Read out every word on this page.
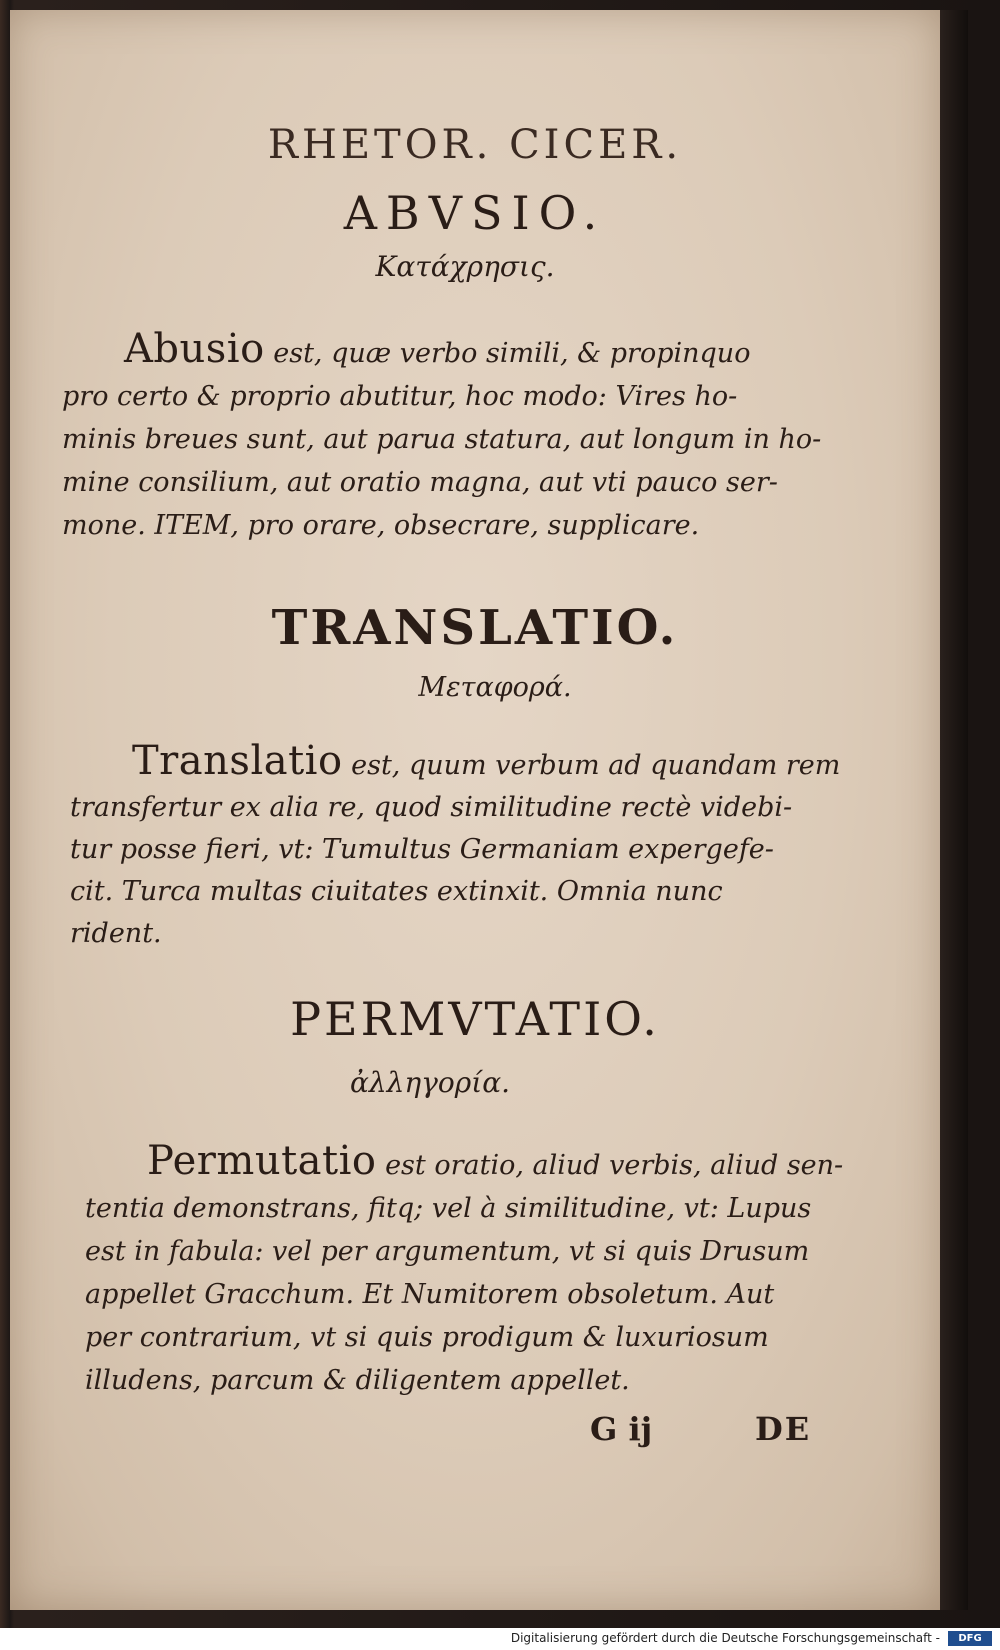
RHETOR. CICER.
ABVSIO.
Κατάχρησις.
Abusio est, quæ verbo simili, & propinquo
pro certo & proprio abutitur, hoc modo: Vires ho-
minis breues sunt, aut parua statura, aut longum in ho-
mine consilium, aut oratio magna, aut vti pauco ser-
mone. ITEM, pro orare, obsecrare, supplicare.
TRANSLATIO.
Μεταφορά.
Translatio est, quum verbum ad quandam rem
transfertur ex alia re, quod similitudine rectè videbi-
tur posse fieri, vt: Tumultus Germaniam expergefe-
cit. Turca multas ciuitates extinxit. Omnia nunc
rident.
PERMVTATIO.
ἀλληγορία.
Permutatio est oratio, aliud verbis, aliud sen-
tentia demonstrans, fitq; vel à similitudine, vt: Lupus
est in fabula: vel per argumentum, vt si quis Drusum
appellet Gracchum. Et Numitorem obsoletum. Aut
per contrarium, vt si quis prodigum & luxuriosum
illudens, parcum & diligentem appellet.
G ij	DE
Digitalisierung gefördert durch die Deutsche Forschungsgemeinschaft -	DFG
